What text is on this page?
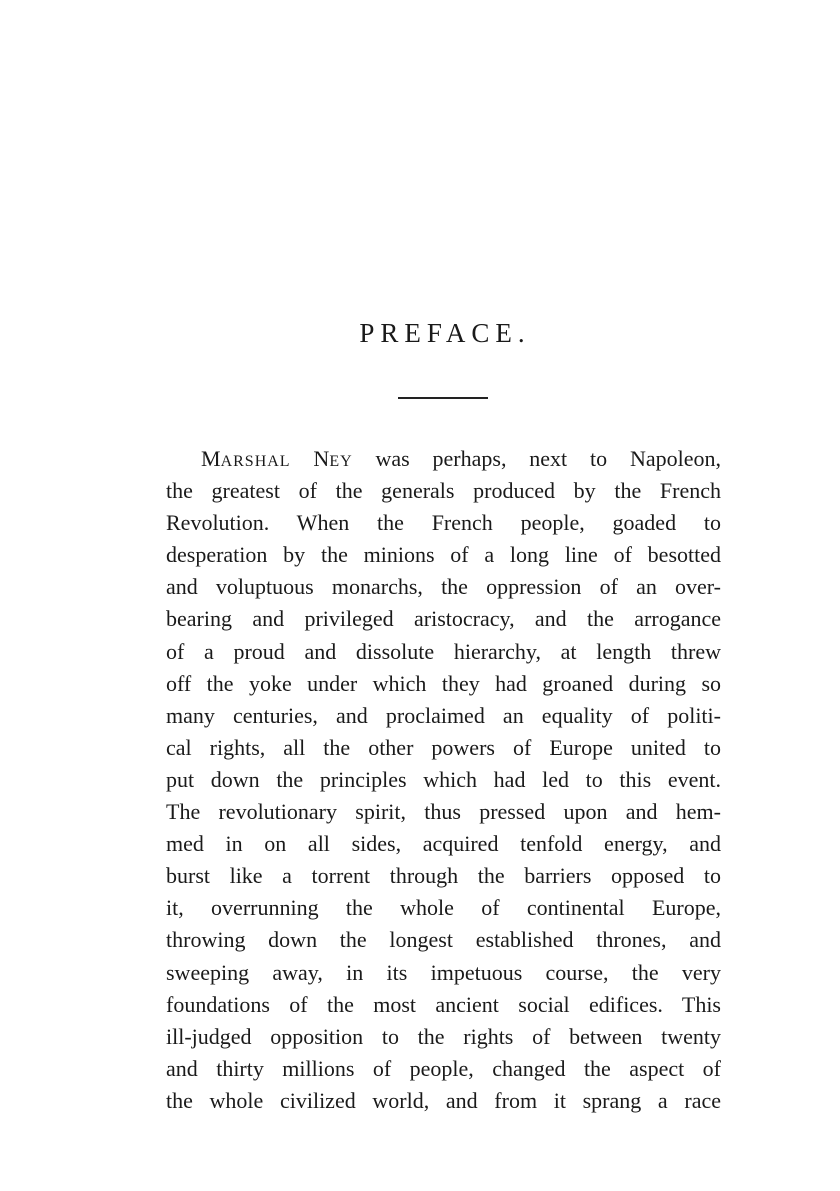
PREFACE.
MARSHAL NEY was perhaps, next to Napoleon,
the greatest of the generals produced by the French
Revolution. When the French people, goaded to
desperation by the minions of a long line of besotted
and voluptuous monarchs, the oppression of an over-
bearing and privileged aristocracy, and the arrogance
of a proud and dissolute hierarchy, at length threw
off the yoke under which they had groaned during so
many centuries, and proclaimed an equality of politi-
cal rights, all the other powers of Europe united to
put down the principles which had led to this event.
The revolutionary spirit, thus pressed upon and hem-
med in on all sides, acquired tenfold energy, and
burst like a torrent through the barriers opposed to
it, overrunning the whole of continental Europe,
throwing down the longest established thrones, and
sweeping away, in its impetuous course, the very
foundations of the most ancient social edifices. This
ill-judged opposition to the rights of between twenty
and thirty millions of people, changed the aspect of
the whole civilized world, and from it sprang a race
